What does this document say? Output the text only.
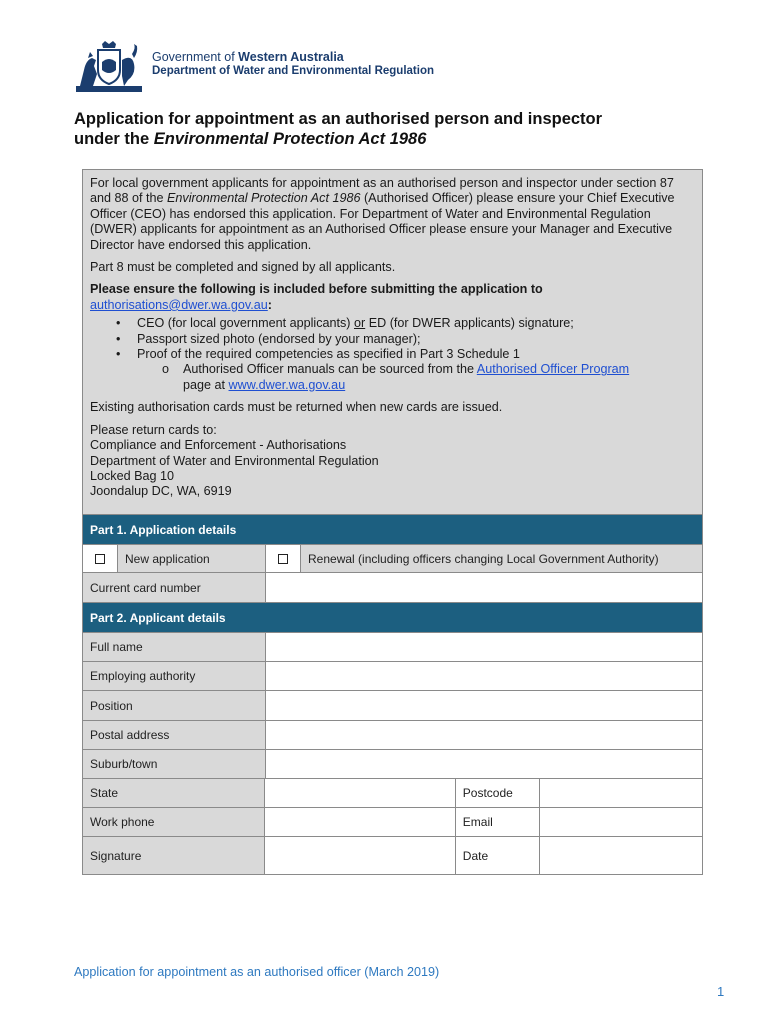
Government of Western Australia
Department of Water and Environmental Regulation
Application for appointment as an authorised person and inspector
under the Environmental Protection Act 1986

For local government applicants for appointment as an authorised person and inspector under section 87 and 88 of the Environmental Protection Act 1986 (Authorised Officer) please ensure your Chief Executive Officer (CEO) has endorsed this application. For Department of Water and Environmental Regulation (DWER) applicants for appointment as an Authorised Officer please ensure your Manager and Executive Director have endorsed this application.

Part 8 must be completed and signed by all applicants.

Please ensure the following is included before submitting the application to
authorisations@dwer.wa.gov.au:

• CEO (for local government applicants) or ED (for DWER applicants) signature;
• Passport sized photo (endorsed by your manager);
• Proof of the required competencies as specified in Part 3 Schedule 1
o Authorised Officer manuals can be sourced from the Authorised Officer Program
page at www.dwer.wa.gov.au

Existing authorisation cards must be returned when new cards are issued.

Please return cards to:

Compliance and Enforcement - Authorisations

Department of Water and Environmental Regulation

Locked Bag 10

Joondalup DC, WA, 6919

Part 1. Application details
New application	Renewal (including officers changing Local Government Authority)
Current card number
Part 2. Applicant details
Full name
Employing authority
Position
Postal address
Suburb/town
State	Postcode
Work phone	Email
Signature	Date
Application for appointment as an authorised officer (March 2019)
1
